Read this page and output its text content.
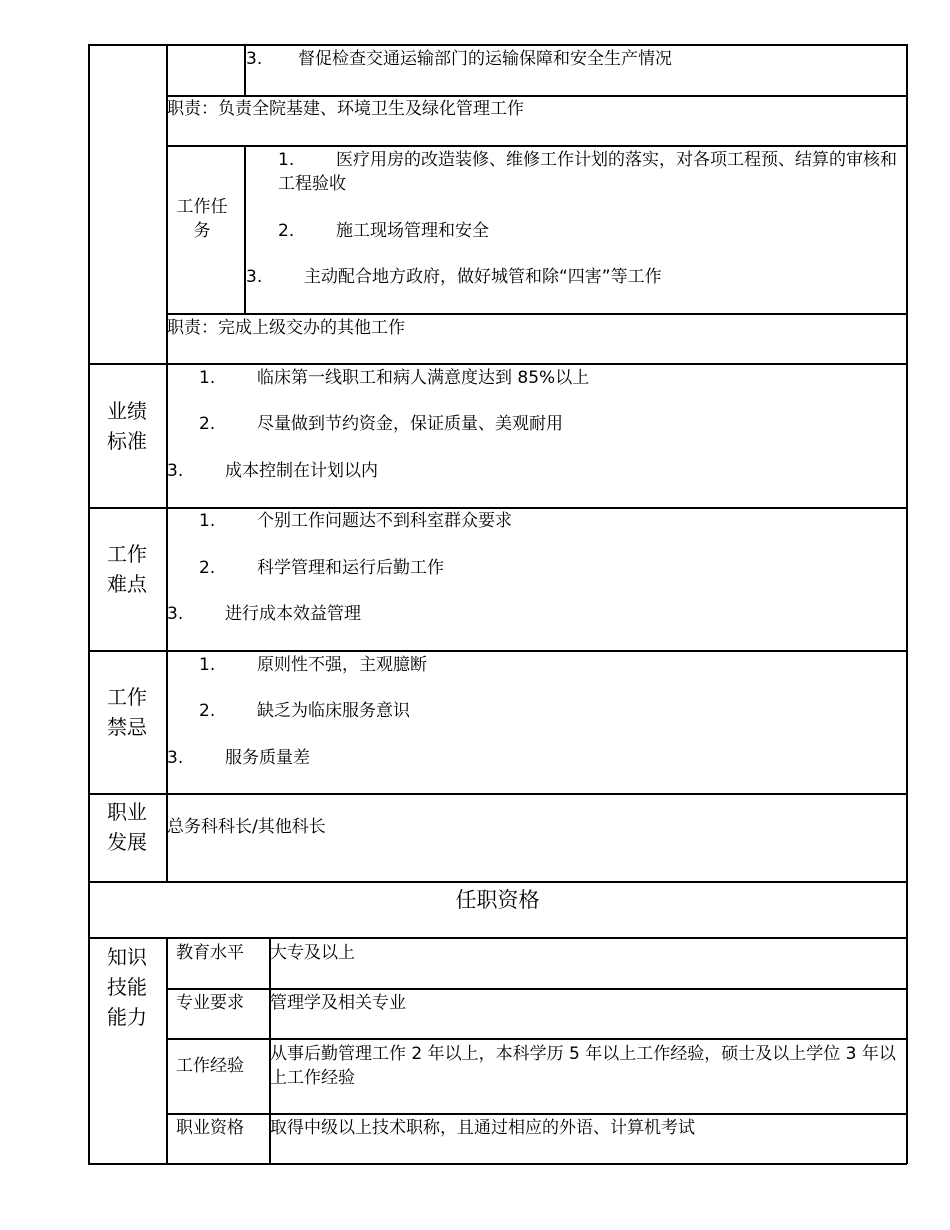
3. 督促检查交通运输部门的运输保障和安全生产情况
职责：负责全院基建、环境卫生及绿化管理工作
工作任务
1.	医疗用房的改造装修、维修工作计划的落实，对各项工程预、结算的审核和工程验收
2. 施工现场管理和安全
3. 主动配合地方政府，做好城管和除“四害”等工作
职责：完成上级交办的其他工作
业绩标准
1. 临床第一线职工和病人满意度达到 85%以上
2. 尽量做到节约资金，保证质量、美观耐用
3. 成本控制在计划以内
工作难点
1. 个别工作问题达不到科室群众要求
2. 科学管理和运行后勤工作
3. 进行成本效益管理
工作禁忌
1. 原则性不强，主观臆断
2. 缺乏为临床服务意识
3. 服务质量差
职业发展
总务科科长/其他科长
任职资格
知识技能能力
教育水平 大专及以上
专业要求 管理学及相关专业
工作经验
从事后勤管理工作 2 年以上，本科学历 5 年以上工作经验，硕士及以上学位 3 年以上工作经验
职业资格 取得中级以上技术职称，且通过相应的外语、计算机考试
